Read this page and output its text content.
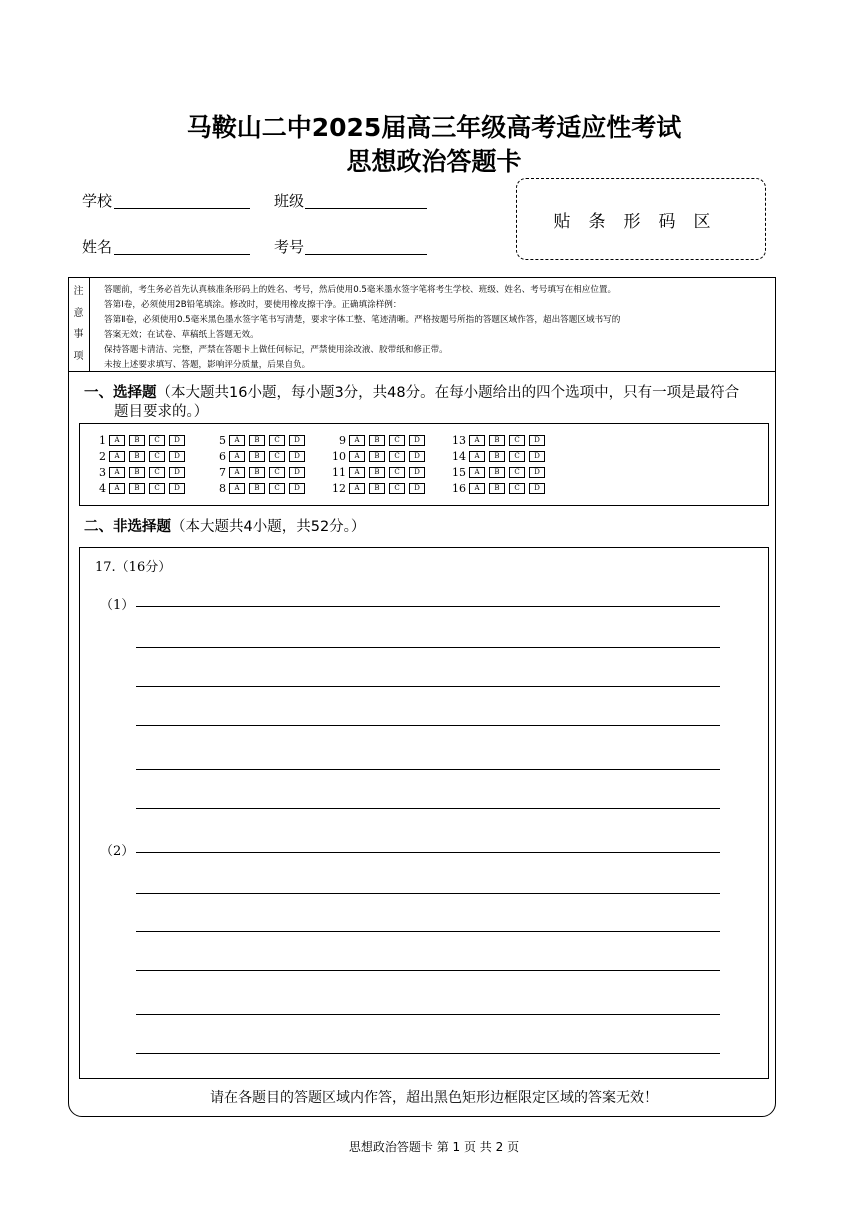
马鞍山二中2025届高三年级高考适应性考试
思想政治答题卡
学校	班级
姓名	考号
贴条形码区
注
意
事
项
答题前，考生务必首先认真核准条形码上的姓名、考号，然后使用0.5毫米墨水签字笔将考生学校、班级、姓名、考号填写在相应位置。
答第Ⅰ卷，必须使用2B铅笔填涂。修改时，要使用橡皮擦干净。正确填涂样例：
答第Ⅱ卷，必须使用0.5毫米黑色墨水签字笔书写清楚，要求字体工整、笔迹清晰。严格按题号所指的答题区域作答，超出答题区域书写的
答案无效；在试卷、草稿纸上答题无效。
保持答题卡清洁、完整，严禁在答题卡上做任何标记，严禁使用涂改液、胶带纸和修正带。
未按上述要求填写、答题，影响评分质量，后果自负。
一、选择题（本大题共16小题，每小题3分，共48分。在每小题给出的四个选项中，只有一项是最符合
题目要求的。）
1	A	B	C	D	5	A	B	C	D	9	A	B	C	D	13	A	B	C	D
2	A	B	C	D	6	A	B	C	D	10	A	B	C	D	14	A	B	C	D
3	A	B	C	D	7	A	B	C	D	11	A	B	C	D	15	A	B	C	D
4	A	B	C	D	8	A	B	C	D	12	A	B	C	D	16	A	B	C	D
二、非选择题（本大题共4小题，共52分。）
17.（16分）
（1）
（2）
请在各题目的答题区域内作答，超出黑色矩形边框限定区域的答案无效！
思想政治答题卡 第 1 页 共 2 页
